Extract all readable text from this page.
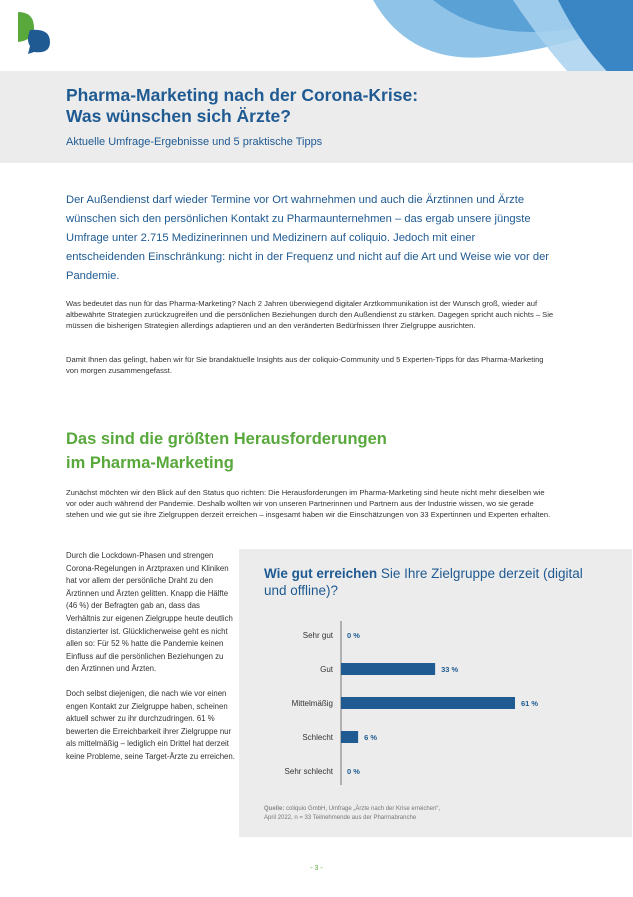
Pharma-Marketing nach der Corona-Krise:
Was wünschen sich Ärzte?
Aktuelle Umfrage-Ergebnisse und 5 praktische Tipps
Der Außendienst darf wieder Termine vor Ort wahrnehmen und auch die Ärztinnen und Ärzte wünschen sich den persönlichen Kontakt zu Pharmaunternehmen – das ergab unsere jüngste Umfrage unter 2.715 Medizinerinnen und Medizinern auf coliquio. Jedoch mit einer entscheidenden Einschränkung: nicht in der Frequenz und nicht auf die Art und Weise wie vor der Pandemie.
Was bedeutet das nun für das Pharma-Marketing? Nach 2 Jahren überwiegend digitaler Arztkommunikation ist der Wunsch groß, wieder auf altbewährte Strategien zurückzugreifen und die persönlichen Beziehungen durch den Außendienst zu stärken. Dagegen spricht auch nichts – Sie müssen die bisherigen Strategien allerdings adaptieren und an den veränderten Bedürfnissen Ihrer Zielgruppe ausrichten.
Damit Ihnen das gelingt, haben wir für Sie brandaktuelle Insights aus der coliquio-Community und 5 Experten-Tipps für das Pharma-Marketing von morgen zusammengefasst.
Das sind die größten Herausforderungen
im Pharma-Marketing
Zunächst möchten wir den Blick auf den Status quo richten: Die Herausforderungen im Pharma-Marketing sind heute nicht mehr dieselben wie vor oder auch während der Pandemie. Deshalb wollten wir von unseren Partnerinnen und Partnern aus der Industrie wissen, wo sie gerade stehen und wie gut sie ihre Zielgruppen derzeit erreichen – insgesamt haben wir die Einschätzungen von 33 Expertinnen und Experten erhalten.

Durch die Lockdown-Phasen und strengen Corona-Regelungen in Arztpraxen und Kliniken hat vor allem der persönliche Draht zu den Ärztinnen und Ärzten gelitten. Knapp die Hälfte (46 %) der Befragten gab an, dass das Verhältnis zur eigenen Zielgruppe heute deutlich distanzierter ist. Glücklicherweise geht es nicht allen so: Für 52 % hatte die Pandemie keinen Einfluss auf die persönlichen Beziehungen zu den Ärztinnen und Ärzten.

Doch selbst diejenigen, die nach wie vor einen engen Kontakt zur Zielgruppe haben, scheinen aktuell schwer zu ihr durchzudringen. 61 % bewerten die Erreichbarkeit ihrer Zielgruppe nur als mittelmäßig – lediglich ein Drittel hat derzeit keine Probleme, seine Target-Ärzte zu erreichen.

Wie gut erreichen Sie Ihre Zielgruppe derzeit (digital und offline)?
Sehr gut 0 %
Gut	33 %
Mittelmäßig	61 %
Schlecht	6 %
Sehr schlecht 0 %
Quelle: coliquio GmbH, Umfrage „Ärzte nach der Krise erreichen“,
April 2022, n = 33 Teilnehmende aus der Pharmabranche
- 3 -
